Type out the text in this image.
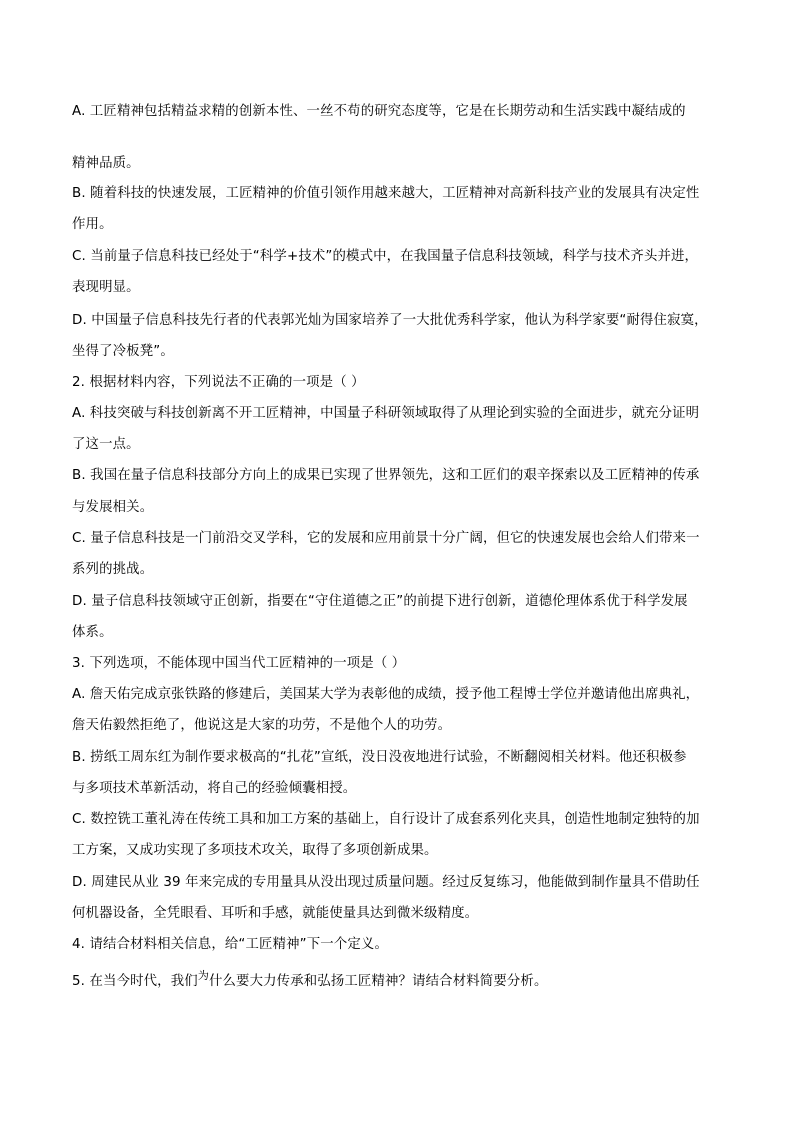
A. 工匠精神包括精益求精的创新本性、一丝不苟的研究态度等，它是在长期劳动和生活实践中凝结成的
精神品质。
B. 随着科技的快速发展，工匠精神的价值引领作用越来越大，工匠精神对高新科技产业的发展具有决定性
作用。
C. 当前量子信息科技已经处于“科学+技术”的模式中，在我国量子信息科技领域，科学与技术齐头并进，
表现明显。
D. 中国量子信息科技先行者的代表郭光灿为国家培养了一大批优秀科学家，他认为科学家要“耐得住寂寞，
坐得了冷板凳”。
2. 根据材料内容，下列说法不正确的一项是（ ）
A. 科技突破与科技创新离不开工匠精神，中国量子科研领域取得了从理论到实验的全面进步，就充分证明
了这一点。
B. 我国在量子信息科技部分方向上的成果已实现了世界领先，这和工匠们的艰辛探索以及工匠精神的传承
与发展相关。
C. 量子信息科技是一门前沿交叉学科，它的发展和应用前景十分广阔，但它的快速发展也会给人们带来一
系列的挑战。
D. 量子信息科技领域守正创新，指要在“守住道德之正”的前提下进行创新，道德伦理体系优于科学发展
体系。
3. 下列选项，不能体现中国当代工匠精神的一项是（ ）
A. 詹天佑完成京张铁路的修建后，美国某大学为表彰他的成绩，授予他工程博士学位并邀请他出席典礼，
詹天佑毅然拒绝了，他说这是大家的功劳，不是他个人的功劳。
B. 捞纸工周东红为制作要求极高的“扎花”宣纸，没日没夜地进行试验，不断翻阅相关材料。他还积极参
与多项技术革新活动，将自己的经验倾囊相授。
C. 数控铣工董礼涛在传统工具和加工方案的基础上，自行设计了成套系列化夹具，创造性地制定独特的加
工方案，又成功实现了多项技术攻关，取得了多项创新成果。
D. 周建民从业 39 年来完成的专用量具从没出现过质量问题。经过反复练习，他能做到制作量具不借助任
何机器设备，全凭眼看、耳听和手感，就能使量具达到微米级精度。
4. 请结合材料相关信息，给“工匠精神”下一个定义。
5. 在当今时代，我们$^为$什么要大力传承和弘扬工匠精神？请结合材料简要分析。
